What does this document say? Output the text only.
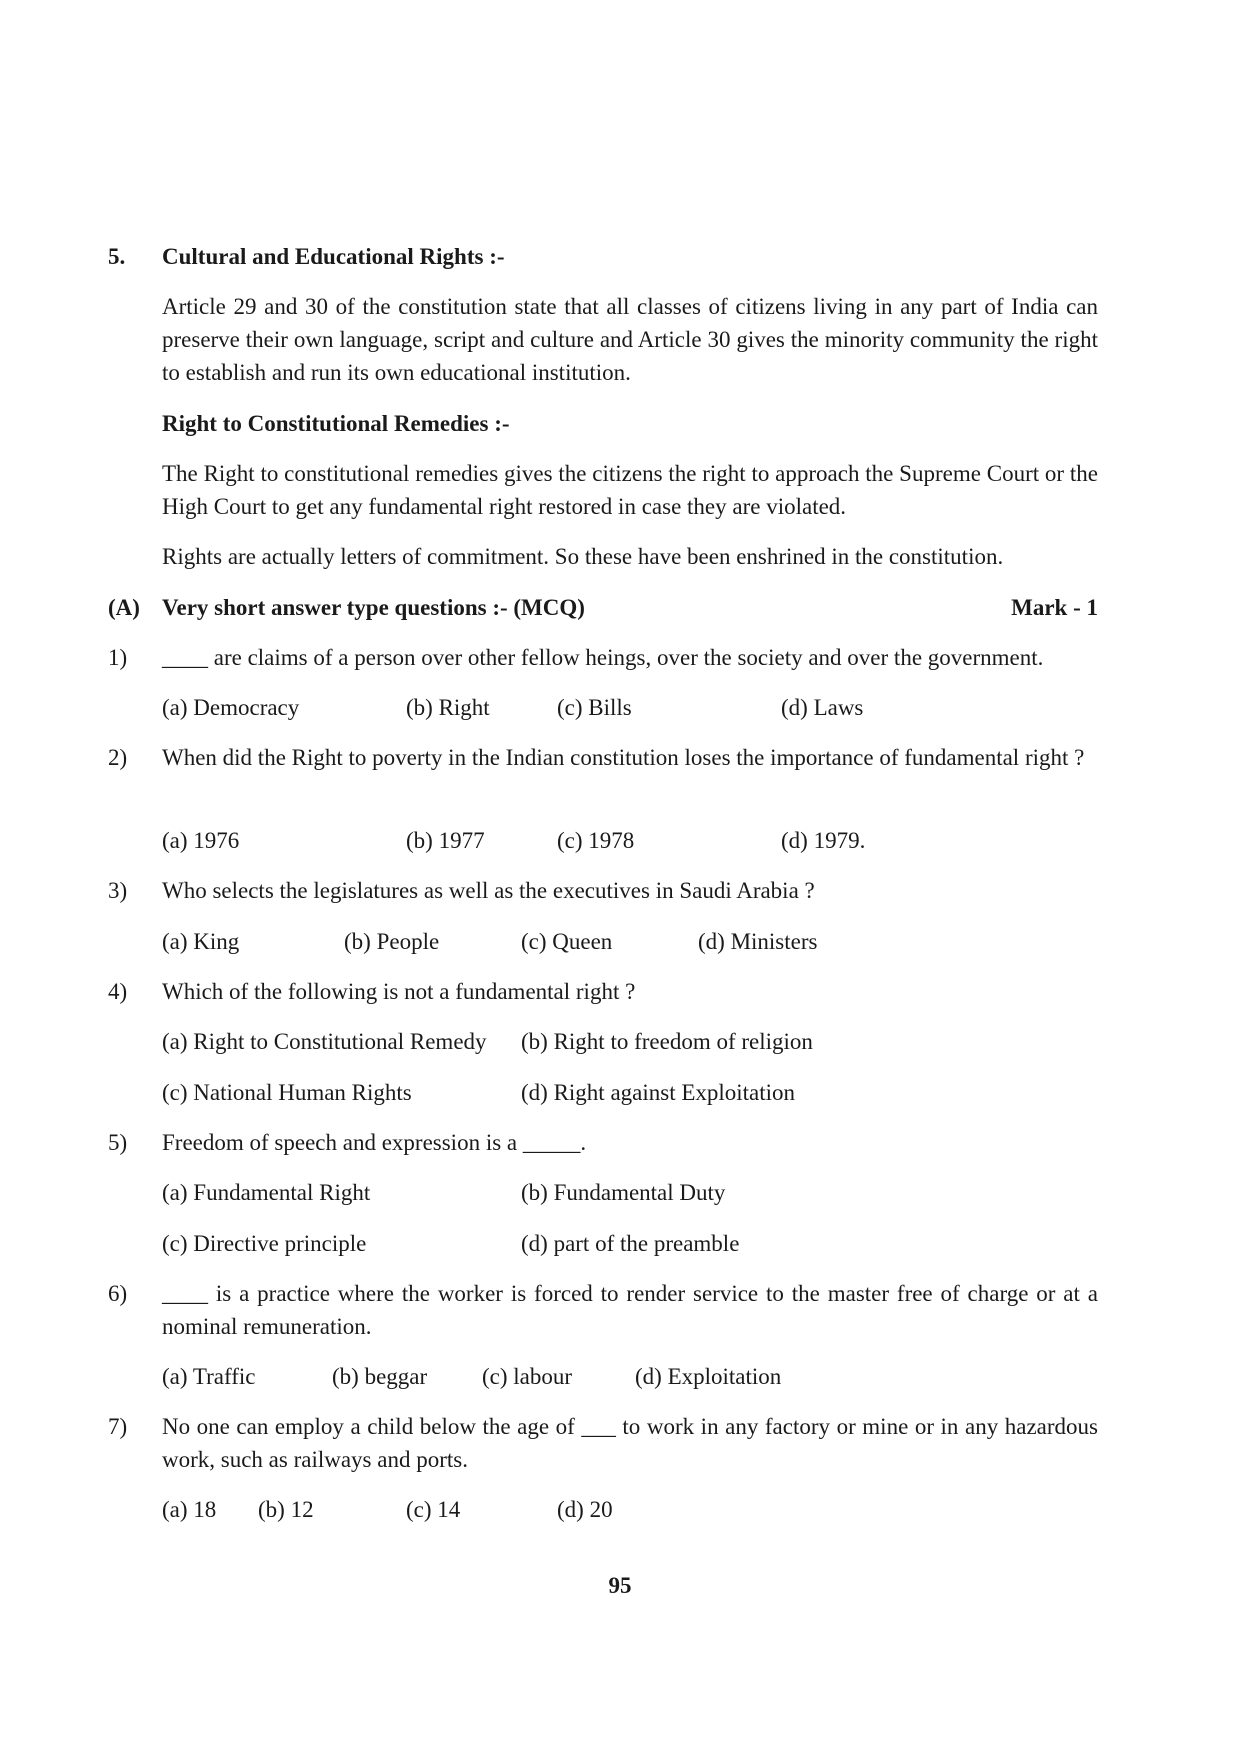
5. Cultural and Educational Rights :-
Article 29 and 30 of the constitution state that all classes of citizens living in any part of India can preserve their own language, script and culture and Article 30 gives the minority community the right to establish and run its own educational institution.
Right to Constitutional Remedies :-
The Right to constitutional remedies gives the citizens the right to approach the Supreme Court or the High Court to get any fundamental right restored in case they are violated.
Rights are actually letters of commitment. So these have been enshrined in the constitution.
(A) Very short answer type questions :- (MCQ)	Mark - 1
1) ____ are claims of a person over other fellow heings, over the society and over the government.
(a) Democracy	(b) Right	(c) Bills	(d) Laws
2) When did the Right to poverty in the Indian constitution loses the importance of fundamental right ?
(a) 1976	(b) 1977	(c) 1978	(d) 1979.
3) Who selects the legislatures as well as the executives in Saudi Arabia ?
(a) King	(b) People	(c) Queen	(d) Ministers
4) Which of the following is not a fundamental right ?
(a) Right to Constitutional Remedy (b) Right to freedom of religion
(c) National Human Rights	(d) Right against Exploitation
5) Freedom of speech and expression is a _____.
(a) Fundamental Right	(b) Fundamental Duty
(c) Directive principle	(d) part of the preamble
6) ____ is a practice where the worker is forced to render service to the master free of charge or at a nominal remuneration.
(a) Traffic	(b) beggar (c) labour	(d) Exploitation
7) No one can employ a child below the age of ___ to work in any factory or mine or in any hazardous work, such as railways and ports.
(a) 18 (b) 12	(c) 14	(d) 20
95
